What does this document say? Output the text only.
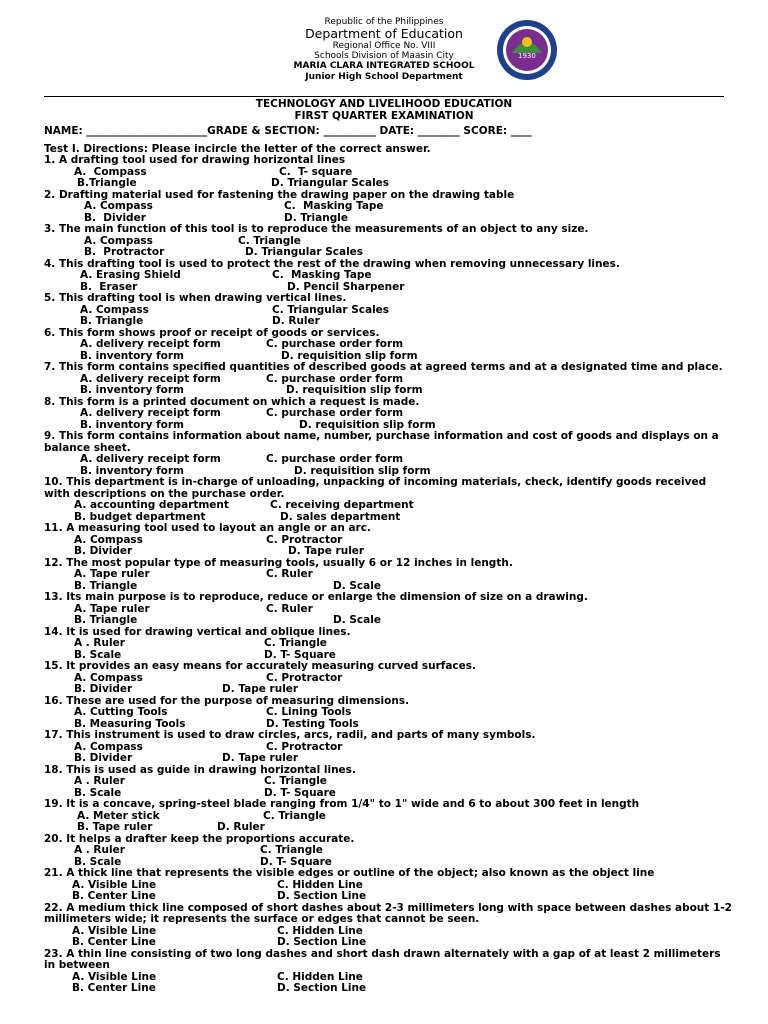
Republic of the Philippines
Department of Education
Regional Office No. VIII
Schools Division of Maasin City
MARIA CLARA INTEGRATED SCHOOL
Junior High School Department
1930
TECHNOLOGY AND LIVELIHOOD EDUCATION
FIRST QUARTER EXAMINATION
NAME: _______________________GRADE & SECTION: __________ DATE: ________ SCORE: ____
Test I. Directions: Please incircle the letter of the correct answer.
1. A drafting tool used for drawing horizontal lines
A.  Compass	C.  T- square
B.Triangle	D. Triangular Scales
2. Drafting material used for fastening the drawing paper on the drawing table
A. Compass	C.  Masking Tape
B.  Divider	D. Triangle
3. The main function of this tool is to reproduce the measurements of an object to any size.
A. Compass	C. Triangle
B.  Protractor	D. Triangular Scales
4. This drafting tool is used to protect the rest of the drawing when removing unnecessary lines.
A. Erasing Shield	C.  Masking Tape
B.  Eraser	D. Pencil Sharpener
5. This drafting tool is when drawing vertical lines.
A. Compass	C. Triangular Scales
B. Triangle	D. Ruler
6. This form shows proof or receipt of goods or services.
A. delivery receipt form	C. purchase order form
B. inventory form	D. requisition slip form
7. This form contains specified quantities of described goods at agreed terms and at a designated time and place.
A. delivery receipt form	C. purchase order form
B. inventory form	D. requisition slip form
8. This form is a printed document on which a request is made.
A. delivery receipt form	C. purchase order form
B. inventory form	D. requisition slip form
9. This form contains information about name, number, purchase information and cost of goods and displays on a balance sheet.
A. delivery receipt form	C. purchase order form
B. inventory form	D. requisition slip form
10. This department is in-charge of unloading, unpacking of incoming materials, check, identify goods received with descriptions on the purchase order.
A. accounting department	C. receiving department
B. budget department	D. sales department
11. A measuring tool used to layout an angle or an arc.
A. Compass	C. Protractor
B. Divider	D. Tape ruler
12. The most popular type of measuring tools, usually 6 or 12 inches in length.
A. Tape ruler	C. Ruler
B. Triangle	D. Scale
13. Its main purpose is to reproduce, reduce or enlarge the dimension of size on a drawing.
A. Tape ruler	C. Ruler
B. Triangle	D. Scale
14. It is used for drawing vertical and oblique lines.
A . Ruler	C. Triangle
B. Scale	D. T- Square
15. It provides an easy means for accurately measuring curved surfaces.
A. Compass	C. Protractor
B. Divider	D. Tape ruler
16. These are used for the purpose of measuring dimensions.
A. Cutting Tools	C. Lining Tools
B. Measuring Tools	D. Testing Tools
17. This instrument is used to draw circles, arcs, radii, and parts of many symbols.
A. Compass	C. Protractor
B. Divider	D. Tape ruler
18. This is used as guide in drawing horizontal lines.
A . Ruler	C. Triangle
B. Scale	D. T- Square
19. It is a concave, spring-steel blade ranging from 1/4" to 1" wide and 6 to about 300 feet in length
A. Meter stick	C. Triangle
B. Tape ruler	D. Ruler
20. It helps a drafter keep the proportions accurate.
A . Ruler	C. Triangle
B. Scale	D. T- Square
21. A thick line that represents the visible edges or outline of the object; also known as the object line
A. Visible Line	C. Hidden Line
B. Center Line	D. Section Line
22. A medium thick line composed of short dashes about 2-3 millimeters long with space between dashes about 1-2 millimeters wide; it represents the surface or edges that cannot be seen.
A. Visible Line	C. Hidden Line
B. Center Line	D. Section Line
23. A thin line consisting of two long dashes and short dash drawn alternately with a gap of at least 2 millimeters in between
A. Visible Line	C. Hidden Line
B. Center Line	D. Section Line
